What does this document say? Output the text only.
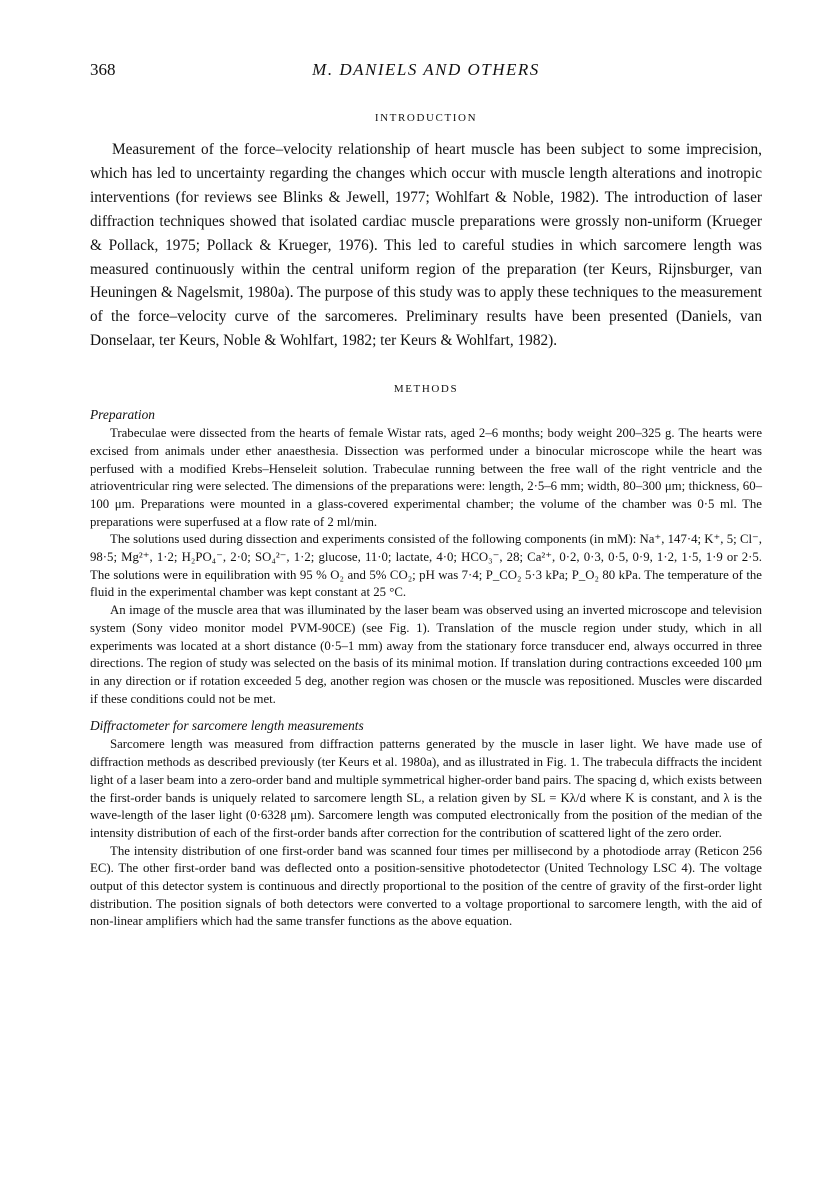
368	M. DANIELS AND OTHERS
INTRODUCTION

Measurement of the force–velocity relationship of heart muscle has been subject to some imprecision, which has led to uncertainty regarding the changes which occur with muscle length alterations and inotropic interventions (for reviews see Blinks & Jewell, 1977; Wohlfart & Noble, 1982). The introduction of laser diffraction techniques showed that isolated cardiac muscle preparations were grossly non-uniform (Krueger & Pollack, 1975; Pollack & Krueger, 1976). This led to careful studies in which sarcomere length was measured continuously within the central uniform region of the preparation (ter Keurs, Rijnsburger, van Heuningen & Nagelsmit, 1980a). The purpose of this study was to apply these techniques to the measurement of the force–velocity curve of the sarcomeres. Preliminary results have been presented (Daniels, van Donselaar, ter Keurs, Noble & Wohlfart, 1982; ter Keurs & Wohlfart, 1982).

METHODS
Preparation

Trabeculae were dissected from the hearts of female Wistar rats, aged 2–6 months; body weight 200–325 g. The hearts were excised from animals under ether anaesthesia. Dissection was performed under a binocular microscope while the heart was perfused with a modified Krebs–Henseleit solution. Trabeculae running between the free wall of the right ventricle and the atrioventricular ring were selected. The dimensions of the preparations were: length, 2·5–6 mm; width, 80–300 μm; thickness, 60–100 μm. Preparations were mounted in a glass-covered experimental chamber; the volume of the chamber was 0·5 ml. The preparations were superfused at a flow rate of 2 ml/min.

The solutions used during dissection and experiments consisted of the following components (in mM): Na⁺, 147·4; K⁺, 5; Cl⁻, 98·5; Mg²⁺, 1·2; H₂PO₄⁻, 2·0; SO₄²⁻, 1·2; glucose, 11·0; lactate, 4·0; HCO₃⁻, 28; Ca²⁺, 0·2, 0·3, 0·5, 0·9, 1·2, 1·5, 1·9 or 2·5. The solutions were in equilibration with 95 % O₂ and 5% CO₂; pH was 7·4; P_CO₂ 5·3 kPa; P_O₂ 80 kPa. The temperature of the fluid in the experimental chamber was kept constant at 25 °C.

An image of the muscle area that was illuminated by the laser beam was observed using an inverted microscope and television system (Sony video monitor model PVM-90CE) (see Fig. 1). Translation of the muscle region under study, which in all experiments was located at a short distance (0·5–1 mm) away from the stationary force transducer end, always occurred in three directions. The region of study was selected on the basis of its minimal motion. If translation during contractions exceeded 100 μm in any direction or if rotation exceeded 5 deg, another region was chosen or the muscle was repositioned. Muscles were discarded if these conditions could not be met.

Diffractometer for sarcomere length measurements

Sarcomere length was measured from diffraction patterns generated by the muscle in laser light. We have made use of diffraction methods as described previously (ter Keurs et al. 1980a), and as illustrated in Fig. 1. The trabecula diffracts the incident light of a laser beam into a zero-order band and multiple symmetrical higher-order band pairs. The spacing d, which exists between the first-order bands is uniquely related to sarcomere length SL, a relation given by SL = Kλ/d where K is constant, and λ is the wave-length of the laser light (0·6328 μm). Sarcomere length was computed electronically from the position of the median of the intensity distribution of each of the first-order bands after correction for the contribution of scattered light of the zero order.

The intensity distribution of one first-order band was scanned four times per millisecond by a photodiode array (Reticon 256 EC). The other first-order band was deflected onto a position-sensitive photodetector (United Technology LSC 4). The voltage output of this detector system is continuous and directly proportional to the position of the centre of gravity of the first-order light distribution. The position signals of both detectors were converted to a voltage proportional to sarcomere length, with the aid of non-linear amplifiers which had the same transfer functions as the above equation.
